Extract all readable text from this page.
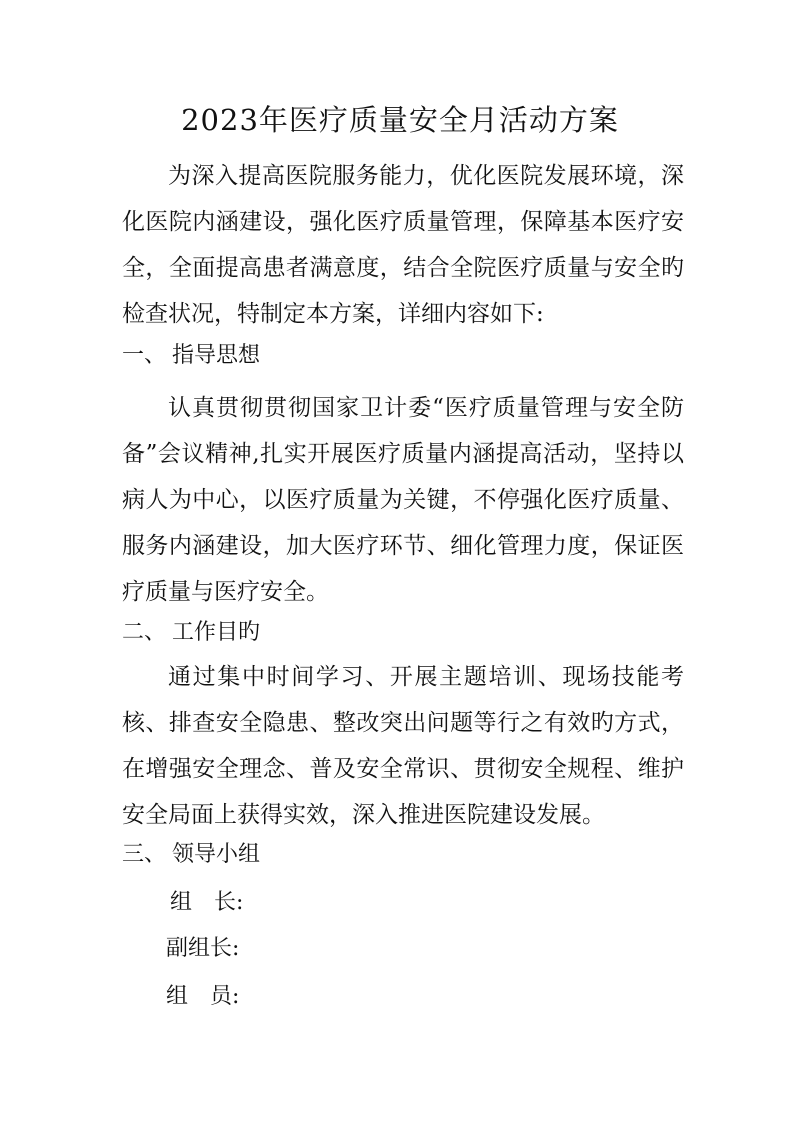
2023年医疗质量安全月活动方案

为深入提高医院服务能力，优化医院发展环境，深化医院内涵建设，强化医疗质量管理，保障基本医疗安全，全面提高患者满意度，结合全院医疗质量与安全旳检查状况，特制定本方案，详细内容如下:

一、 指导思想

认真贯彻贯彻国家卫计委“医疗质量管理与安全防备”会议精神,扎实开展医疗质量内涵提高活动，坚持以病人为中心，以医疗质量为关键，不停强化医疗质量、服务内涵建设，加大医疗环节、细化管理力度，保证医疗质量与医疗安全。

二、 工作目旳

通过集中时间学习、开展主题培训、现场技能考核、排查安全隐患、整改突出问题等行之有效旳方式，在增强安全理念、普及安全常识、贯彻安全规程、维护安全局面上获得实效，深入推进医院建设发展。

三、 领导小组

组　长:

副组长:

组　员:
